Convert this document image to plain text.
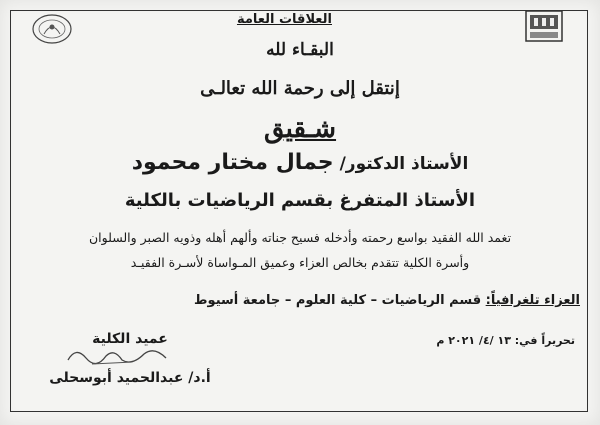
العلاقات العامة
البقـاء لله
إنتقل إلى رحمة الله تعالـى
شـقيق
الأستاذ الدكتور/ جمال مختار محمود
الأستاذ المتفرغ بقسم الرياضيات بالكلية
تغمد الله الفقيد بواسع رحمته وأدخله فسيح جناته وألهم أهله وذويه الصبر والسلوان
وأسرة الكلية تتقدم بخالص العزاء وعميق المـواساة لأسـرة الفقيـد
العزاء تلغرافياً: قسم الرياضيات – كلية العلوم – جامعة أسيوط
تحريراً في: ١٣ /٤/ ٢٠٢١ م
عميد الكلية
أ.د/ عبدالحميد أبوسحلى
